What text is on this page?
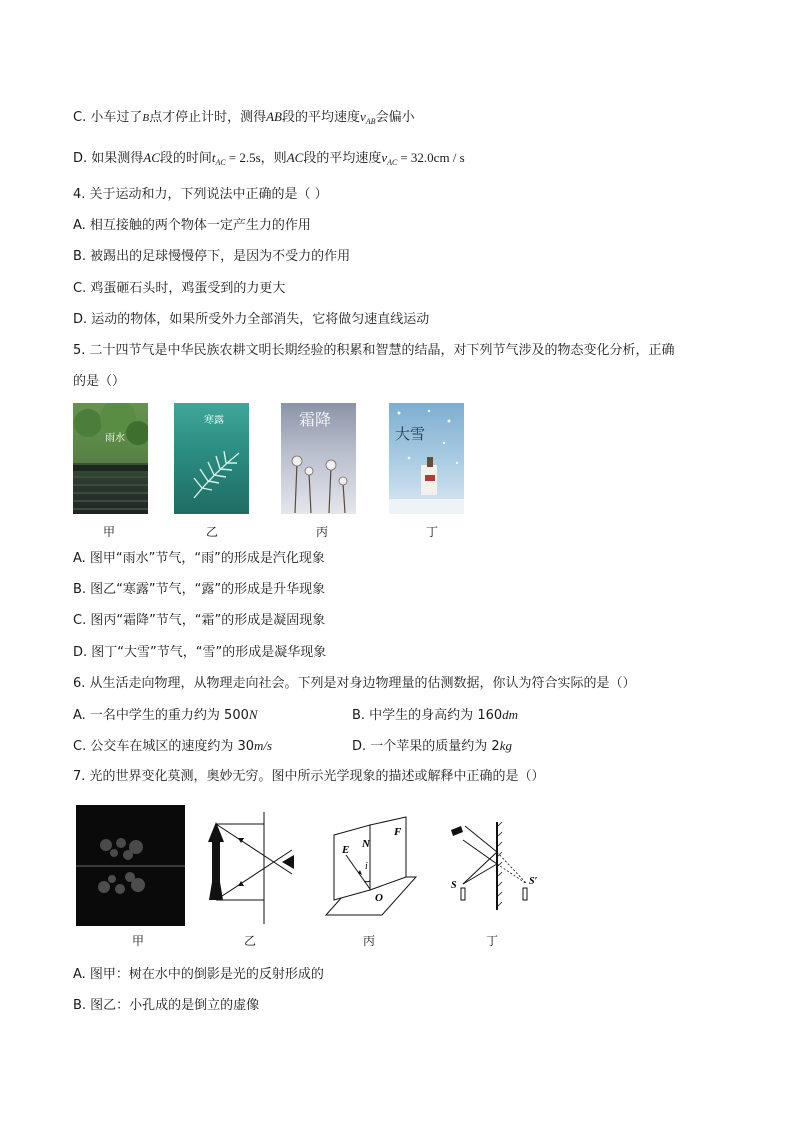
C. 小车过了B点才停止计时，测得AB段的平均速度$v_{AB}$会偏小
D. 如果测得AC段的时间$t_{AC} = 2.5s$，则AC段的平均速度$v_{AC} = 32.0cm / s$
4. 关于运动和力，下列说法中正确的是（ ）
A. 相互接触的两个物体一定产生力的作用
B. 被踢出的足球慢慢停下，是因为不受力的作用
C. 鸡蛋砸石头时，鸡蛋受到的力更大
D. 运动的物体，如果所受外力全部消失，它将做匀速直线运动
5. 二十四节气是中华民族农耕文明长期经验的积累和智慧的结晶，对下列节气涉及的物态变化分析，正确
的是（）
雨水
甲
寒露
乙
霜降
丙
大雪
丁
A. 图甲“雨水”节气，“雨”的形成是汽化现象
B. 图乙“寒露”节气，“露”的形成是升华现象
C. 图丙“霜降”节气，“霜”的形成是凝固现象
D. 图丁“大雪”节气，“雪”的形成是凝华现象
6. 从生活走向物理，从物理走向社会。下列是对身边物理量的估测数据，你认为符合实际的是（）
A. 一名中学生的重力约为 500N	B. 中学生的身高约为 160dm
C. 公交车在城区的速度约为 30m/s	D. 一个苹果的质量约为 2kg
7. 光的世界变化莫测，奥妙无穷。图中所示光学现象的描述或解释中正确的是（）
甲	乙
E N
F
i
O
丙
S	S′
丁
A. 图甲：树在水中的倒影是光的反射形成的
B. 图乙：小孔成的是倒立的虚像
